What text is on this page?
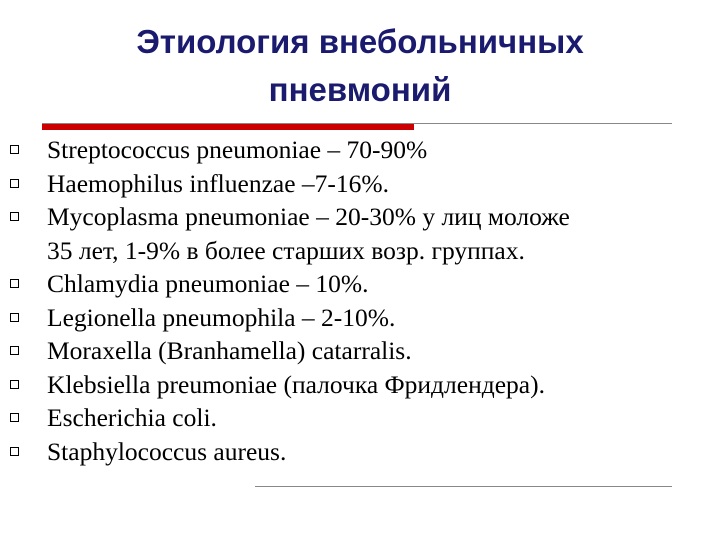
Этиология внебольничных
пневмоний
Streptococcus pneumoniae – 70-90%
Haemophilus influenzae –7-16%.
Mycoplasma pneumoniae – 20-30% у лиц моложе
35 лет, 1-9% в более старших возр. группах.
Chlamydia pneumoniae – 10%.
Legionella pneumophila – 2-10%.
Moraxella (Branhamella) catarralis.
Klebsiella preumoniae (палочка Фридлендера).
Escherichia coli.
Staphylococcus aureus.
